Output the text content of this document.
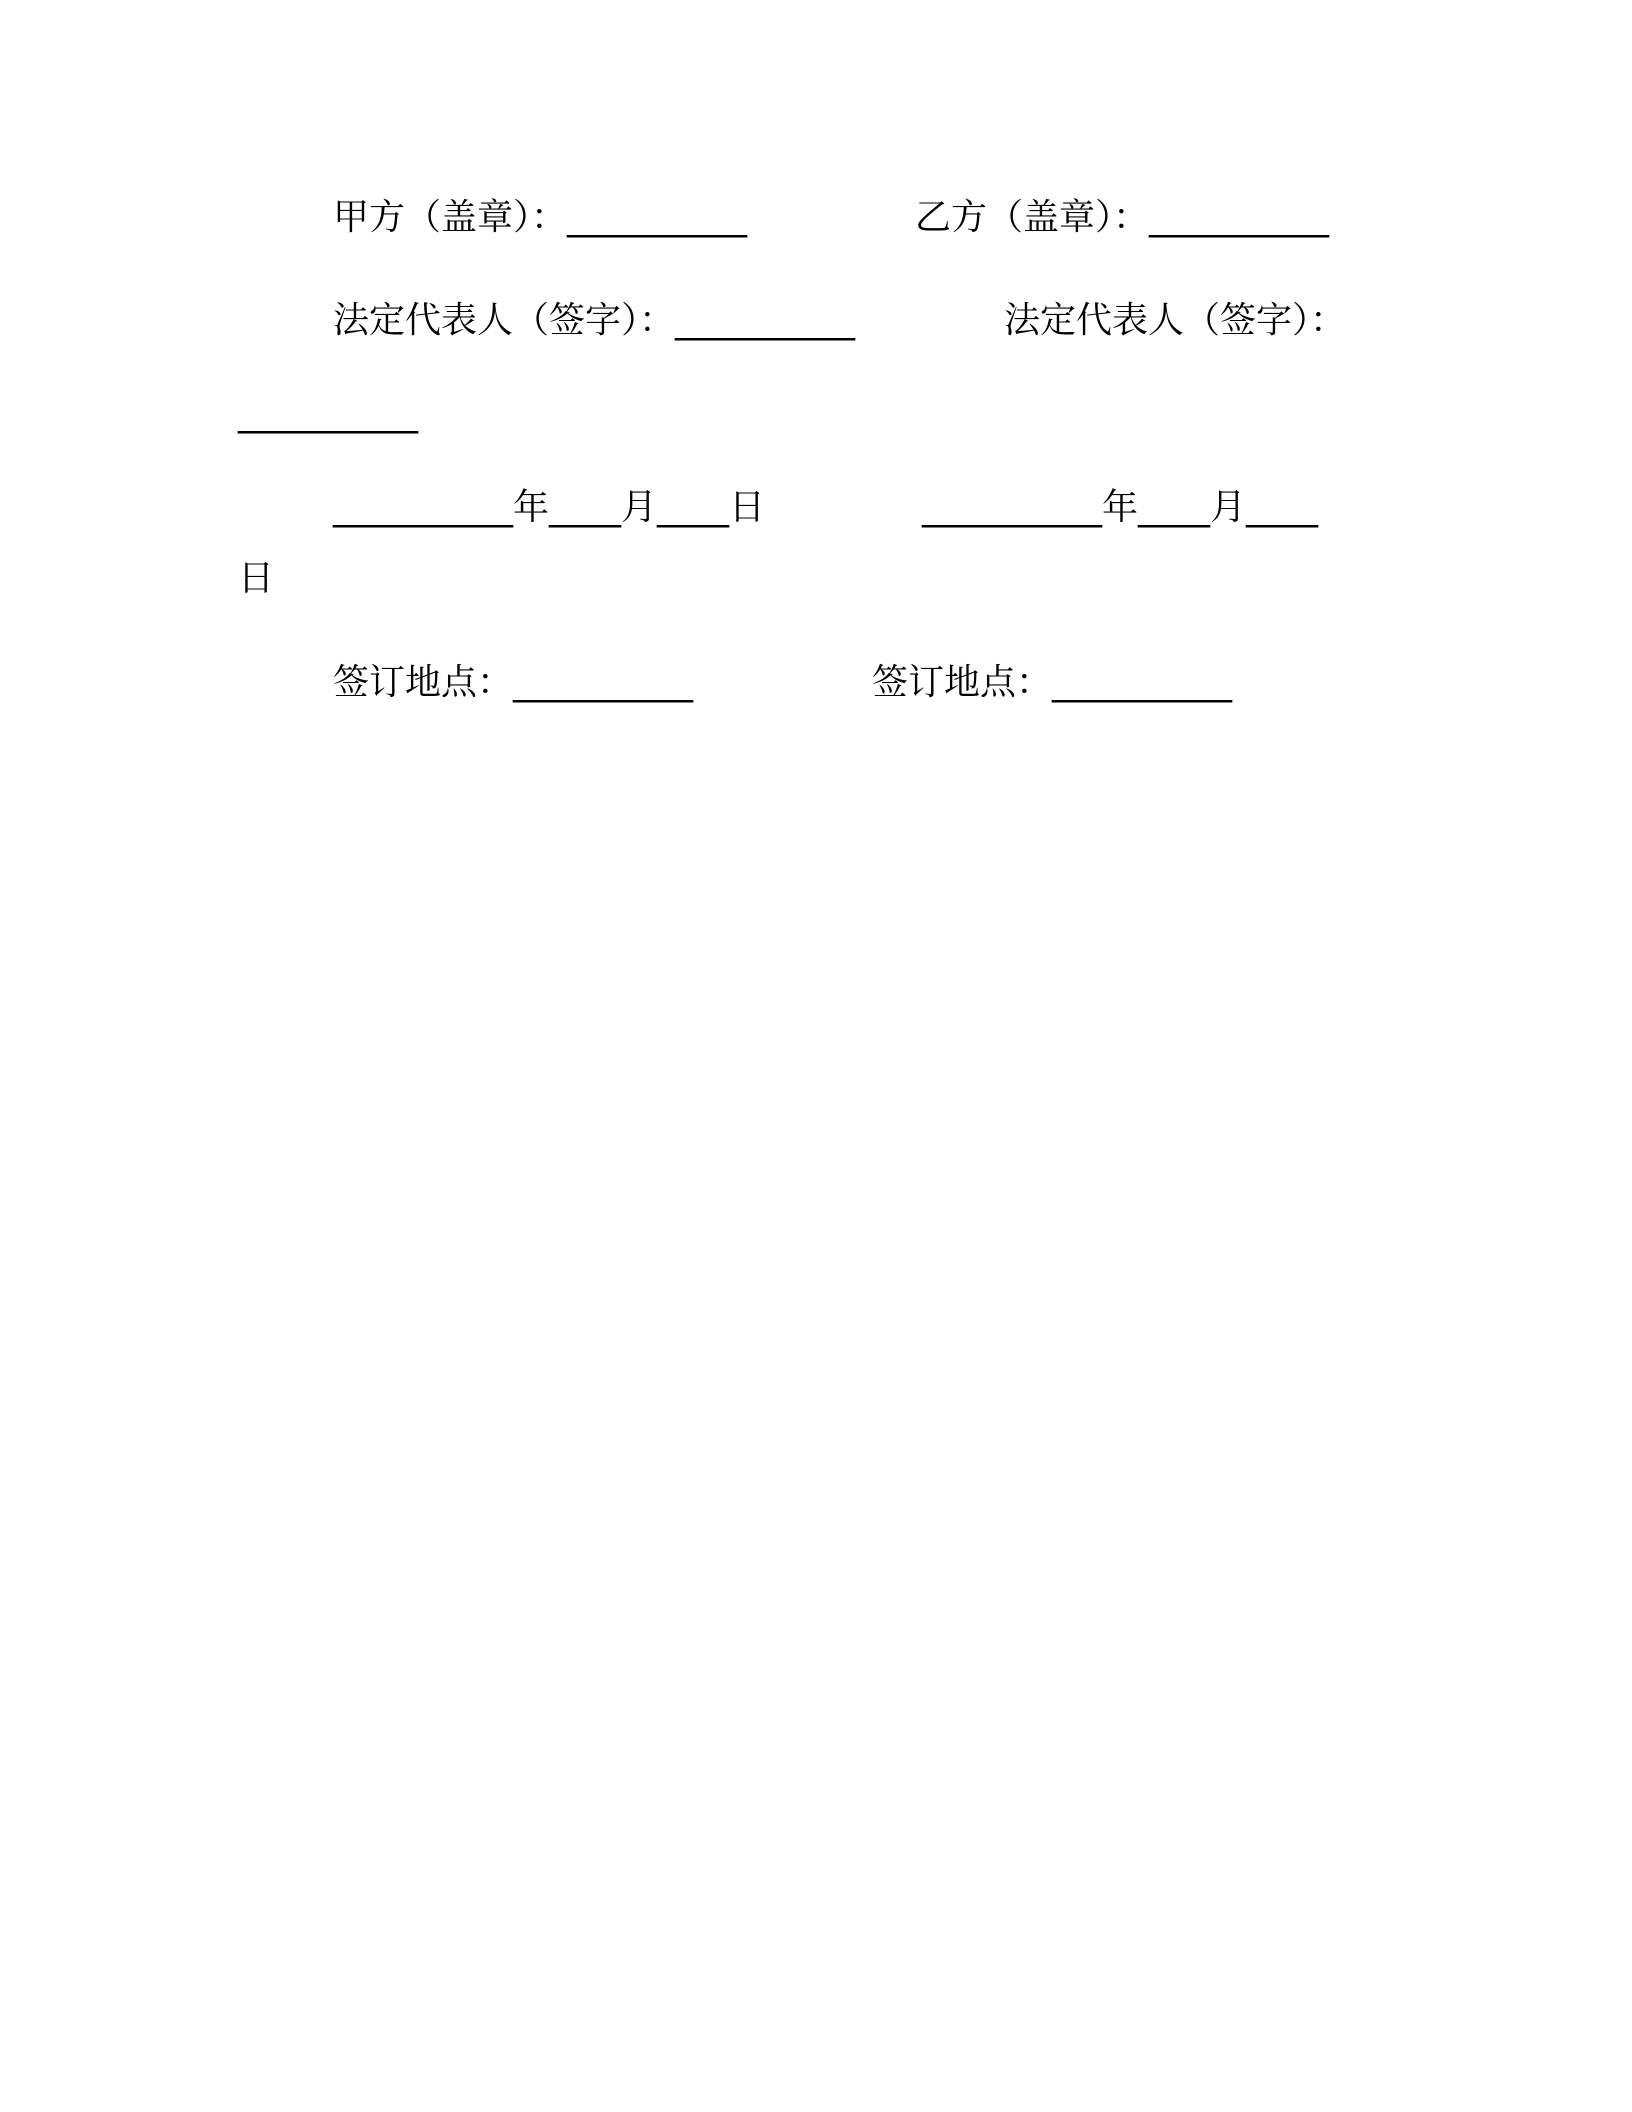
甲方（盖章）：__________	乙方（盖章）：__________
法定代表人（签字）：__________	法定代表人（签字）：
__________
__________年____月____日	__________年____月____
日
签订地点：__________	签订地点：__________
